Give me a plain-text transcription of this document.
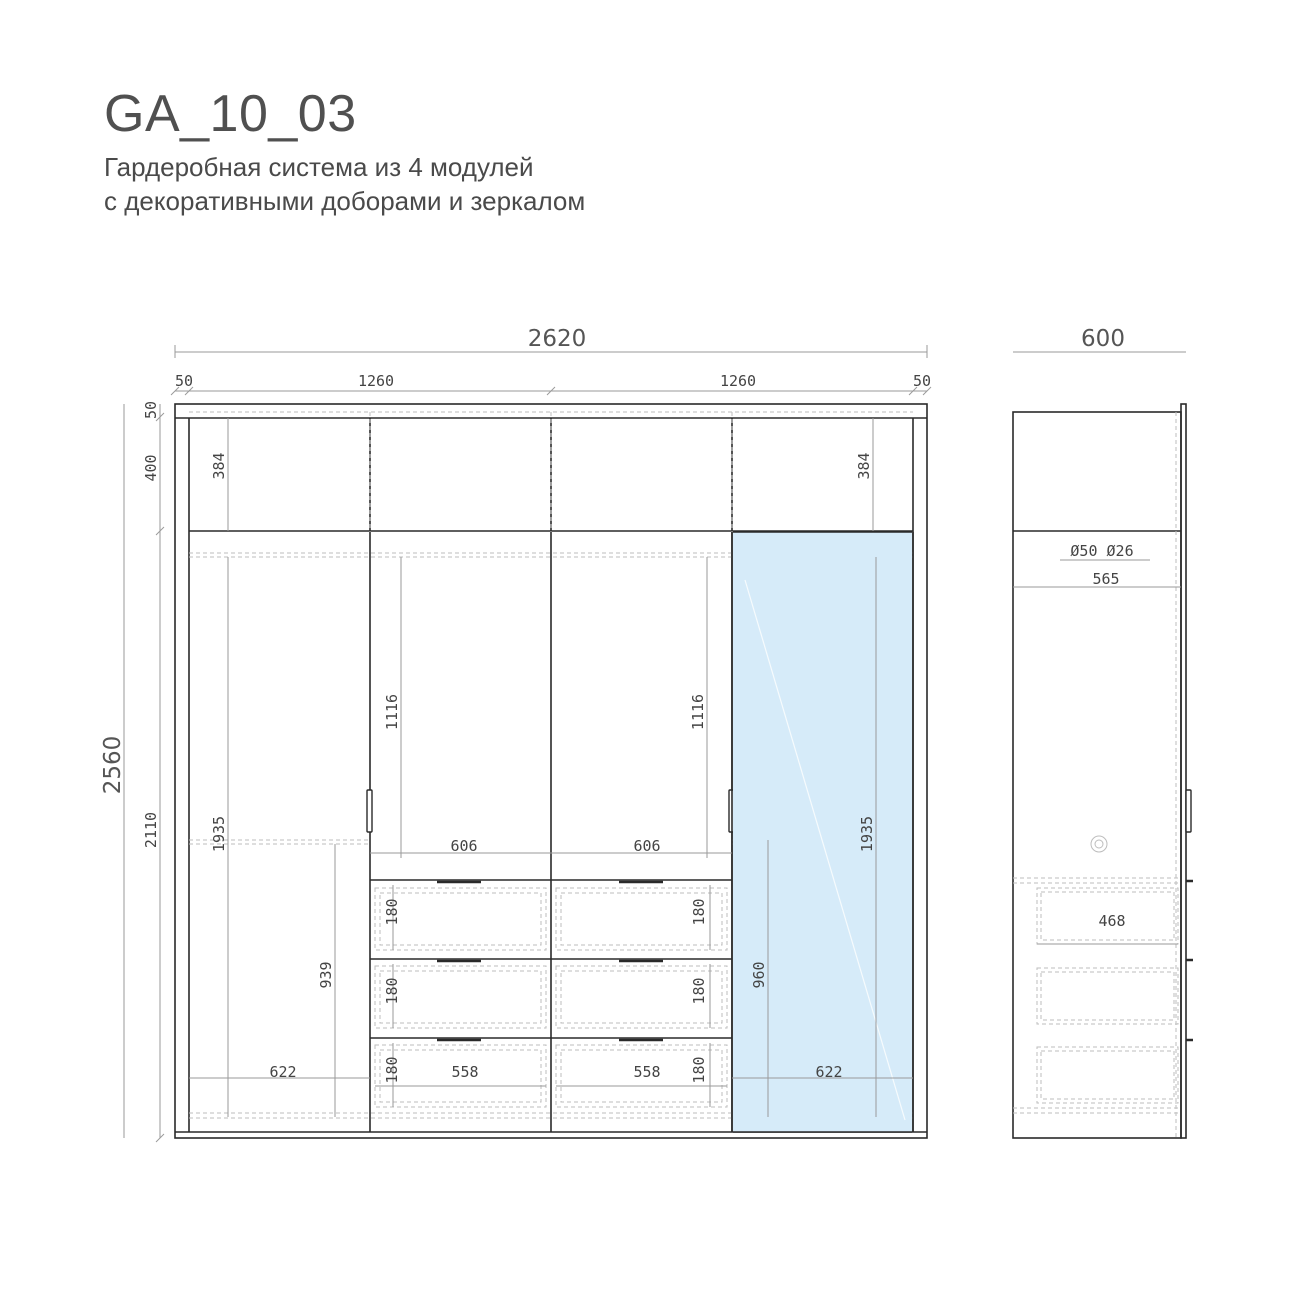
GA_10_03
Гардеробная система из 4 модулей
с декоративными доборами и зеркалом
2620
50	1260	1260	50
2560
50
400
2110
384	384
1935	1935
1116	1116
939	960
606	606
180
180
180
180
180
180
558	558
622	622
600
Ø50 Ø26
565
468
